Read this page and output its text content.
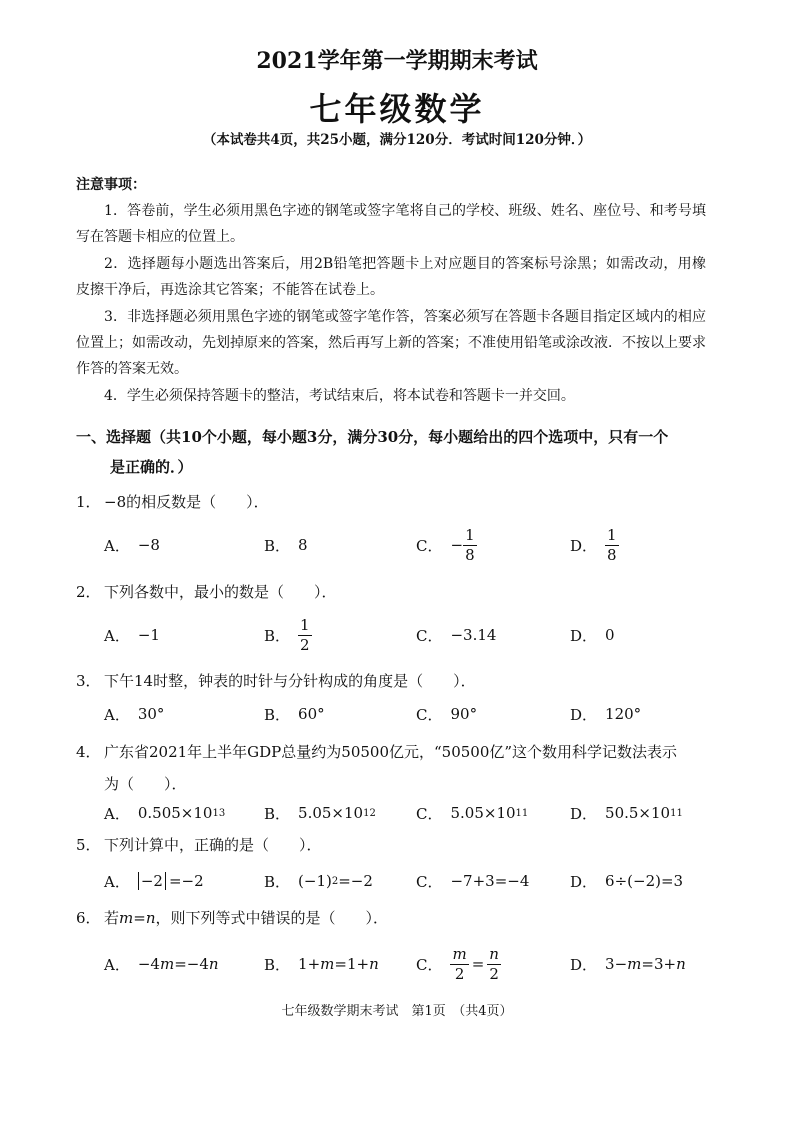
2021学年第一学期期末考试
七年级数学
（本试卷共4页，共25小题，满分120分．考试时间120分钟．）
注意事项：

1．答卷前，学生必须用黑色字迹的钢笔或签字笔将自己的学校、班级、姓名、座位号、和考号填写在答题卡相应的位置上。

2．选择题每小题选出答案后，用2B铅笔把答题卡上对应题目的答案标号涂黑；如需改动，用橡皮擦干净后，再选涂其它答案；不能答在试卷上。

3．非选择题必须用黑色字迹的钢笔或签字笔作答，答案必须写在答题卡各题目指定区域内的相应位置上；如需改动，先划掉原来的答案，然后再写上新的答案；不准使用铅笔或涂改液．不按以上要求作答的答案无效。

4．学生必须保持答题卡的整洁，考试结束后，将本试卷和答题卡一并交回。

一、选择题（共10个小题，每小题3分，满分30分，每小题给出的四个选项中，只有一个
是正确的．）
1． −8的相反数是（　　）．
A． −8	B． 8	C． − $\frac{1}{8}$	D． $\frac{1}{8}$
2． 下列各数中，最小的数是（　　）．
A． −1	B． $\frac{1}{2}$	C． −3.14	D． 0
3． 下午14时整，钟表的时针与分针构成的角度是（　　）．
A． 30°	B． 60°	C． 90°	D． 120°
4． 广东省2021年上半年GDP总量约为50500亿元，“50500亿”这个数用科学记数法表示
为（　　）．
A． 0.505×10 13	B． 5.05×10 12	C． 5.05×10 11	D． 50.5×10 11
5． 下列计算中，正确的是（　　）．
A． −2 =−2	B． (−1) 2 =−2	C． −7+3=−4	D． 6÷(−2)=3
6． 若m=n，则下列等式中错误的是（　　）．
A． −4 m =−4 n	B． 1+ m =1+ n C． $\frac{m}{2} = \frac{n}{2}$	D． 3− m =3+ n
七年级数学期末考试　第1页　（共4页）
